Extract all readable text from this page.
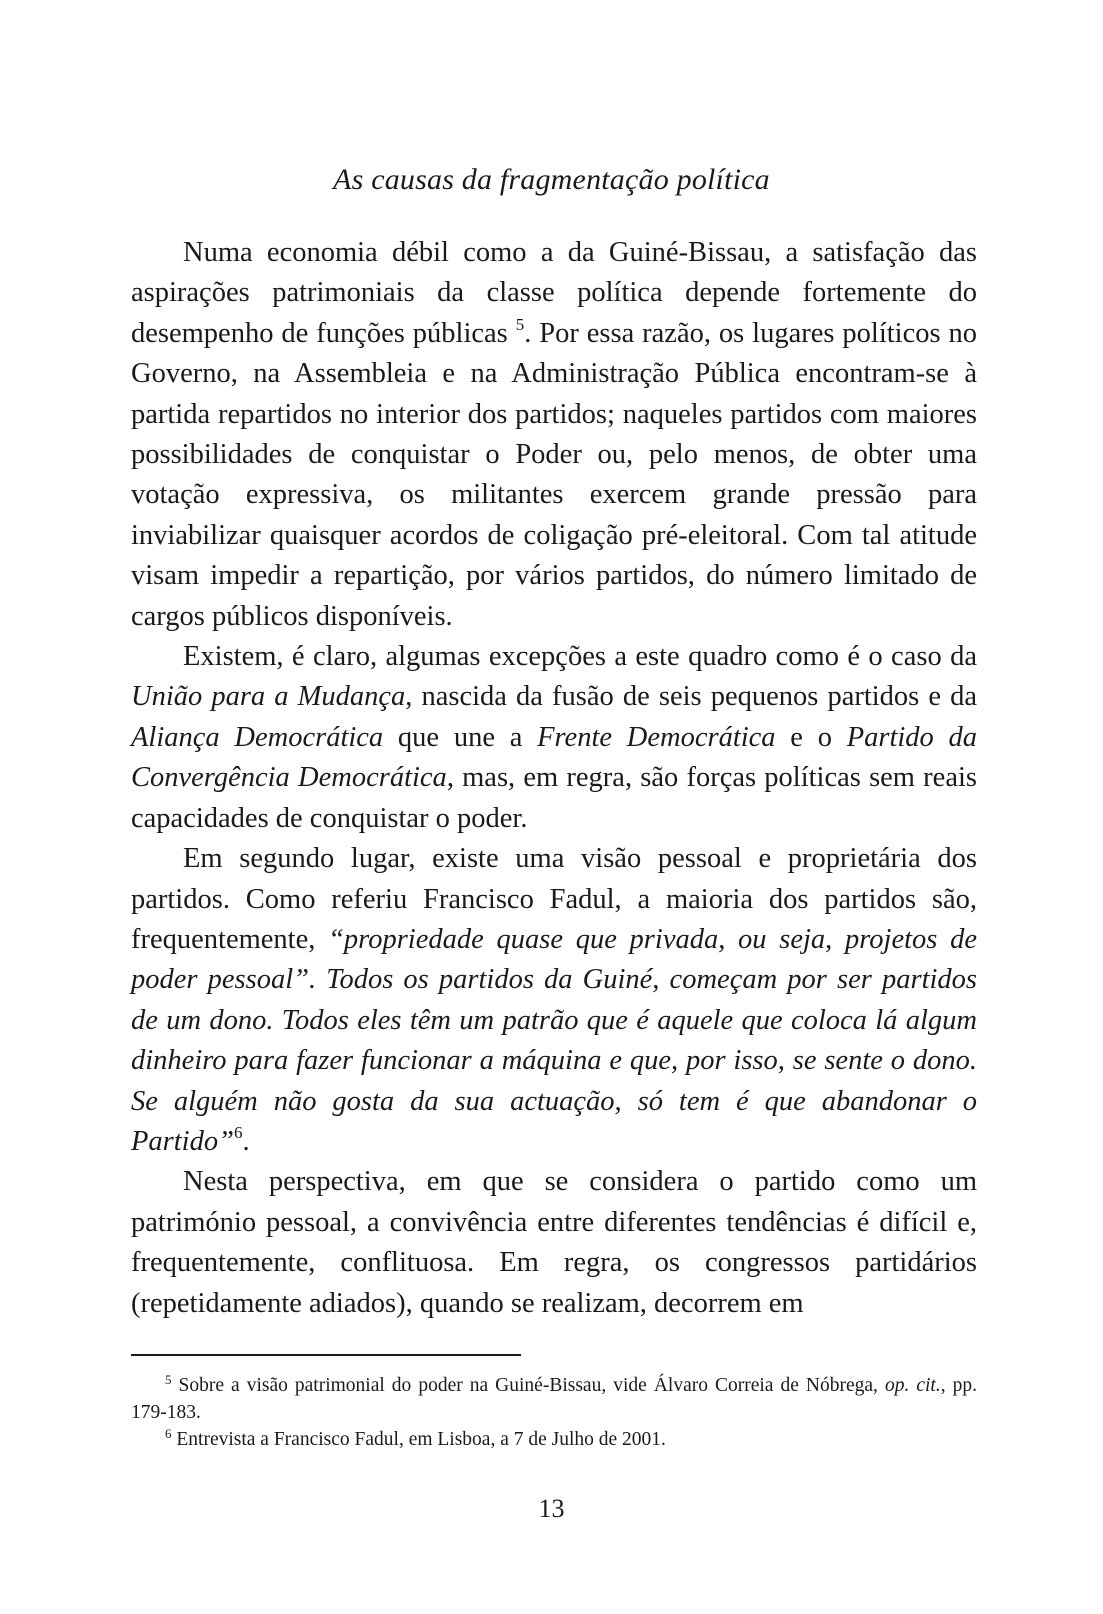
As causas da fragmentação política

Numa economia débil como a da Guiné-Bissau, a satisfação das aspirações patrimoniais da classe política depende fortemente do desempenho de funções públicas $^5$. Por essa razão, os lugares políticos no Governo, na Assembleia e na Administração Pública encontram-se à partida repartidos no interior dos partidos; naqueles partidos com maiores possibilidades de conquistar o Poder ou, pelo menos, de obter uma votação expressiva, os militantes exercem grande pressão para inviabilizar quaisquer acordos de coligação pré-eleitoral. Com tal atitude visam impedir a repartição, por vários partidos, do número limitado de cargos públicos disponíveis.

Existem, é claro, algumas excepções a este quadro como é o caso da União para a Mudança, nascida da fusão de seis pequenos partidos e da Aliança Democrática que une a Frente Democrática e o Partido da Convergência Democrática, mas, em regra, são forças políticas sem reais capacidades de conquistar o poder.

Em segundo lugar, existe uma visão pessoal e proprietária dos partidos. Como referiu Francisco Fadul, a maioria dos partidos são, frequentemente, “propriedade quase que privada, ou seja, projetos de poder pessoal”. Todos os partidos da Guiné, começam por ser partidos de um dono. Todos eles têm um patrão que é aquele que coloca lá algum dinheiro para fazer funcionar a máquina e que, por isso, se sente o dono. Se alguém não gosta da sua actuação, só tem é que abandonar o Partido”$^6$.

Nesta perspectiva, em que se considera o partido como um património pessoal, a convivência entre diferentes tendências é difícil e, frequentemente, conflituosa. Em regra, os congressos partidários (repetidamente adiados), quando se realizam, decorrem em

$^5$ Sobre a visão patrimonial do poder na Guiné-Bissau, vide Álvaro Correia de Nóbrega, op. cit., pp. 179-183.

$^6$ Entrevista a Francisco Fadul, em Lisboa, a 7 de Julho de 2001.

13
